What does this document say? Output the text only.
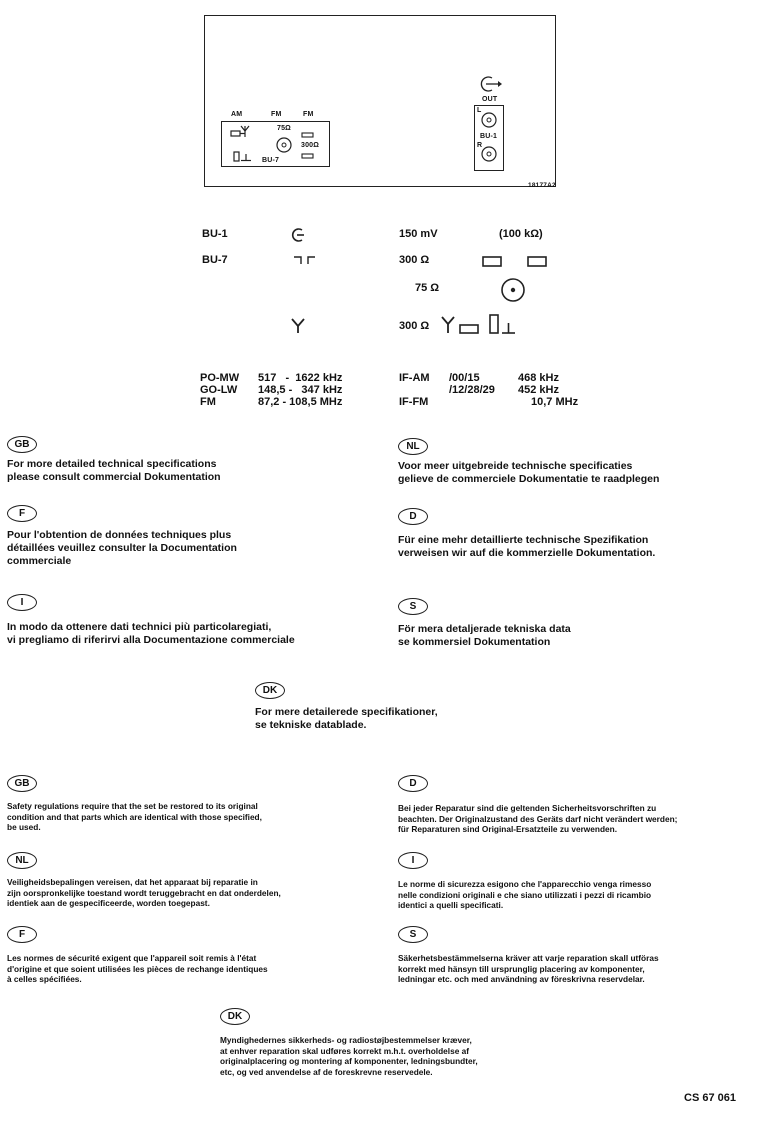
AM	FM	FM
75Ω
300Ω
BU-7
OUT
L
R
BU-1
18177A2
BU-1	150 mV	(100 kΩ)
BU-7	300 Ω
75 Ω
300 Ω
PO-MW 517   -  1622 kHz
GO-LW 148,5 -   347 kHz
FM	87,2 - 108,5 MHz
IF-AM /00/15	468 kHz
/12/28/29 452 kHz
IF-FM	10,7 MHz
GB
For more detailed technical specifications
please consult commercial Dokumentation
NL
Voor meer uitgebreide technische specificaties
gelieve de commerciele Dokumentatie te raadplegen
F
Pour l'obtention de données techniques plus
détaillées veuillez consulter la Documentation
commerciale
D
Für eine mehr detaillierte technische Spezifikation
verweisen wir auf die kommerzielle Dokumentation.
I
In modo da ottenere dati technici più particolaregiati,
vi pregliamo di riferirvi alla Documentazione commerciale
S
För mera detaljerade tekniska data
se kommersiel Dokumentation
DK
For mere detailerede specifikationer,
se tekniske datablade.
GB
Safety regulations require that the set be restored to its original
condition and that parts which are identical with those specified,
be used.
D
Bei jeder Reparatur sind die geltenden Sicherheitsvorschriften zu
beachten. Der Originalzustand des Geräts darf nicht verändert werden;
für Reparaturen sind Original-Ersatzteile zu verwenden.
NL
Veiligheidsbepalingen vereisen, dat het apparaat bij reparatie in
zijn oorspronkelijke toestand wordt teruggebracht en dat onderdelen,
identiek aan de gespecificeerde, worden toegepast.
I
Le norme di sicurezza esigono che l'apparecchio venga rimesso
nelle condizioni originali e che siano utilizzati i pezzi di ricambio
identici a quelli specificati.
F
Les normes de sécurité exigent que l'appareil soit remis à l'état
d'origine et que soient utilisées les pièces de rechange identiques
à celles spécifiées.
S
Säkerhetsbestämmelserna kräver att varje reparation skall utföras
korrekt med hänsyn till ursprunglig placering av komponenter,
ledningar etc. och med användning av föreskrivna reservdelar.
DK
Myndighedernes sikkerheds- og radiostøjbestemmelser kræver,
at enhver reparation skal udføres korrekt m.h.t. overholdelse af
originalplacering og montering af komponenter, ledningsbundter,
etc, og ved anvendelse af de foreskrevne reservedele.
CS 67 061
